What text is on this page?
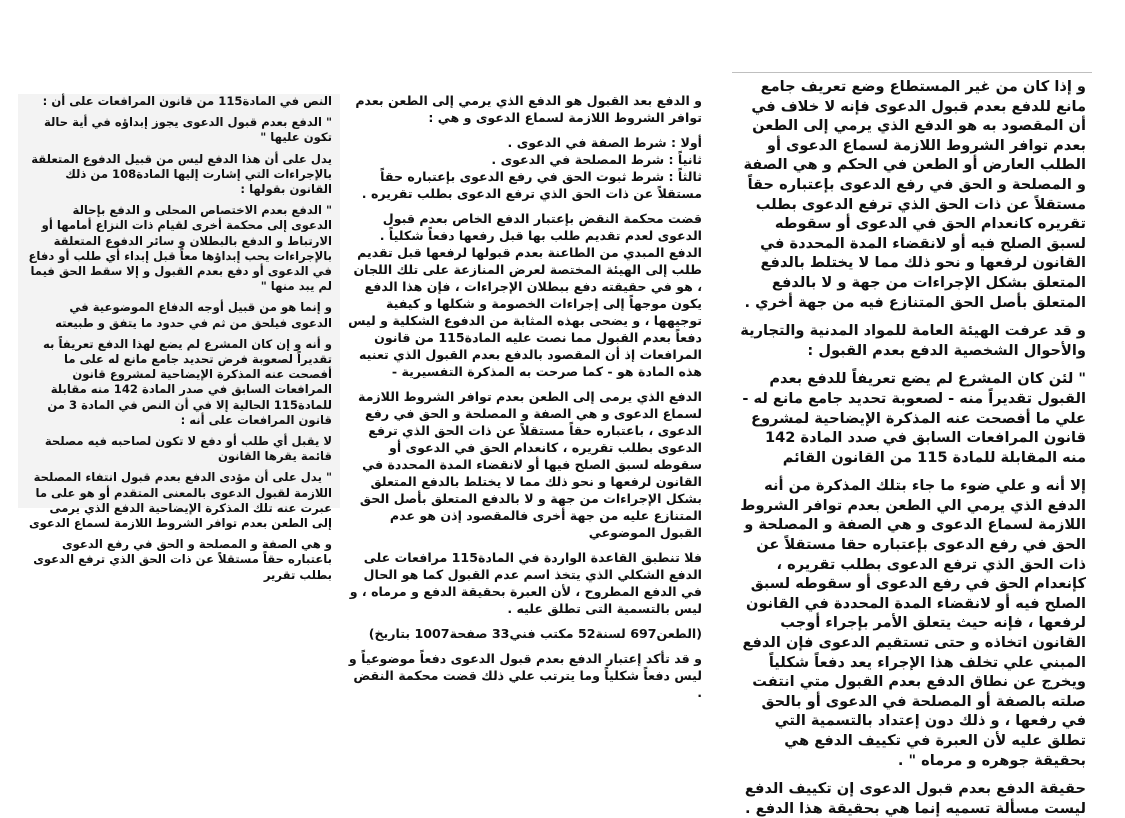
و إذا كان من غير المستطاع وضع تعريف جامع مانع للدفع بعدم قبول الدعوى فإنه لا خلاف في أن المقصود به هو الدفع الذي يرمي إلى الطعن بعدم توافر الشروط اللازمة لسماع الدعوى أو الطلب العارض أو الطعن في الحكم و هي الصفة و المصلحة و الحق في رفع الدعوى بإعتباره حقاً مستقلاً عن ذات الحق الذي ترفع الدعوى بطلب تقريره كانعدام الحق في الدعوى أو سقوطه لسبق الصلح فيه أو لانقضاء المدة المحددة في القانون لرفعها و نحو ذلك مما لا يختلط بالدفع المتعلق بشكل الإجراءات من جهة و لا بالدفع المتعلق بأصل الحق المتنازع فيه من جهة أخري .

و قد عرفت الهيئة العامة للمواد المدنية والتجارية والأحوال الشخصية الدفع بعدم القبول :

" لئن كان المشرع لم يضع تعريفاً للدفع بعدم القبول تقديراً منه - لصعوبة تحديد جامع مانع له - علي ما أفصحت عنه المذكرة الإيضاحية لمشروع قانون المرافعات السابق في صدد المادة 142 منه المقابلة للمادة 115 من القانون القائم

إلا أنه و علي ضوء ما جاء بتلك المذكرة من أنه الدفع الذي يرمي الي الطعن بعدم توافر الشروط اللازمة لسماع الدعوى و هي الصفة و المصلحة و الحق في رفع الدعوى بإعتباره حقا مستقلاً عن ذات الحق الذي ترفع الدعوى بطلب تقريره ، كإنعدام الحق في رفع الدعوى أو سقوطه لسبق الصلح فيه أو لانقضاء المدة المحددة في القانون لرفعها ، فإنه حيث يتعلق الأمر بإجراء أوجب القانون اتخاذه و حتى تستقيم الدعوى فإن الدفع المبني علي تخلف هذا الإجراء يعد دفعاً شكلياً ويخرج عن نطاق الدفع بعدم القبول متي انتفت صلته بالصفة أو المصلحة في الدعوى أو بالحق في رفعها ، و ذلك دون إعتداد بالتسمية التي تطلق عليه لأن العبرة في تكييف الدفع هي بحقيقة جوهره و مرماه " .

حقيقة الدفع بعدم قبول الدعوى إن تكييف الدفع ليست مسألة تسميه إنما هي بحقيقة هذا الدفع .

و الدفع بعد القبول هو الدفع الذي يرمي إلى الطعن بعدم توافر الشروط اللازمة لسماع الدعوى و هي :

أولا : شرط الصفة في الدعوى .
ثانياً : شرط المصلحة في الدعوى .
ثالثاً : شرط ثبوت الحق في رفع الدعوى بإعتباره حقاً مستقلاً عن ذات الحق الذي ترفع الدعوى بطلب تقريره .

قضت محكمة النقض بإعتبار الدفع الخاص بعدم قبول الدعوى لعدم تقديم طلب بها قبل رفعها دفعاً شكلياً . الدفع المبدي من الطاعنة بعدم قبولها لرفعها قبل تقديم طلب إلى الهيئة المختصة لعرض المنازعة على تلك اللجان ، هو في حقيقته دفع ببطلان الإجراءات ، فإن هذا الدفع يكون موجهاً إلى إجراءات الخصومة و شكلها و كيفية توجيهها ، و يضحى بهذه المثابة من الدفوع الشكلية و ليس دفعاً بعدم القبول مما نصت عليه المادة115 من قانون المرافعات إذ أن المقصود بالدفع بعدم القبول الذي تعنيه هذه المادة هو - كما صرحت به المذكرة التفسيرية -

الدفع الذي يرمى إلى الطعن بعدم توافر الشروط اللازمة لسماع الدعوى و هي الصفة و المصلحة و الحق في رفع الدعوى ، باعتباره حقاً مستقلاً عن ذات الحق الذي ترفع الدعوى بطلب تقريره ، كانعدام الحق في الدعوى أو سقوطه لسبق الصلح فيها أو لانقضاء المدة المحددة في القانون لرفعها و نحو ذلك مما لا يختلط بالدفع المتعلق بشكل الإجراءات من جهة و لا بالدفع المتعلق بأصل الحق المتنازع عليه من جهة أخرى فالمقصود إذن هو عدم القبول الموضوعي

فلا تنطبق القاعدة الواردة في المادة115 مرافعات على الدفع الشكلي الذي يتخذ اسم عدم القبول كما هو الحال في الدفع المطروح ، لأن العبرة بحقيقة الدفع و مرماه ، و ليس بالتسمية التى تطلق عليه .

(الطعن697 لسنة52 مكتب فني33 صفحة1007 بتاريخ)

و قد تأكد إعتبار الدفع بعدم قبول الدعوى دفعاً موضوعياً و ليس دفعاً شكلياً وما يترتب علي ذلك قضت محكمة النقض .

النص في المادة115 من قانون المرافعات على أن :

" الدفع بعدم قبول الدعوى يجوز إبداؤه في أية حالة تكون عليها "

يدل على أن هذا الدفع ليس من قبيل الدفوع المتعلقة بالإجراءات التي إشارت إليها المادة108 من ذلك القانون بقولها :

" الدفع بعدم الاختصاص المحلى و الدفع بإحالة الدعوى إلى محكمة أخرى لقيام ذات النزاع أمامها أو الارتباط و الدفع بالبطلان و سائر الدفوع المتعلقة بالإجراءات يحب إبداؤها معاً قبل إبداء أي طلب أو دفاع في الدعوى أو دفع بعدم القبول و إلا سقط الحق فيما لم يبد منها "

و إنما هو من قبيل أوجه الدفاع الموضوعية في الدعوى فيلحق من ثم في حدود ما يتفق و طبيعته

و أنه و إن كان المشرع لم يضع لهذا الدفع تعريفاً به تقديراً لصعوبة فرض تحديد جامع مانع له على ما أفصحت عنه المذكرة الإيضاحية لمشروع قانون المرافعات السابق في صدر المادة 142 منه مقابلة للمادة115 الحالية إلا في أن النص في المادة 3 من قانون المرافعات على أنه :

لا يقبل أي طلب أو دفع لا تكون لصاحبه فيه مصلحة قائمة يقرها القانون

" يدل على أن مؤدى الدفع بعدم قبول انتفاء المصلحة اللازمة لقبول الدعوى بالمعنى المتقدم أو هو على ما عبرت عنه تلك المذكرة الإيضاحية الدفع الذي يرمى إلى الطعن بعدم توافر الشروط اللازمة لسماع الدعوى

و هي الصفة و المصلحة و الحق في رفع الدعوى باعتباره حقاً مستقلاً عن ذات الحق الذي ترفع الدعوى بطلب تقرير
